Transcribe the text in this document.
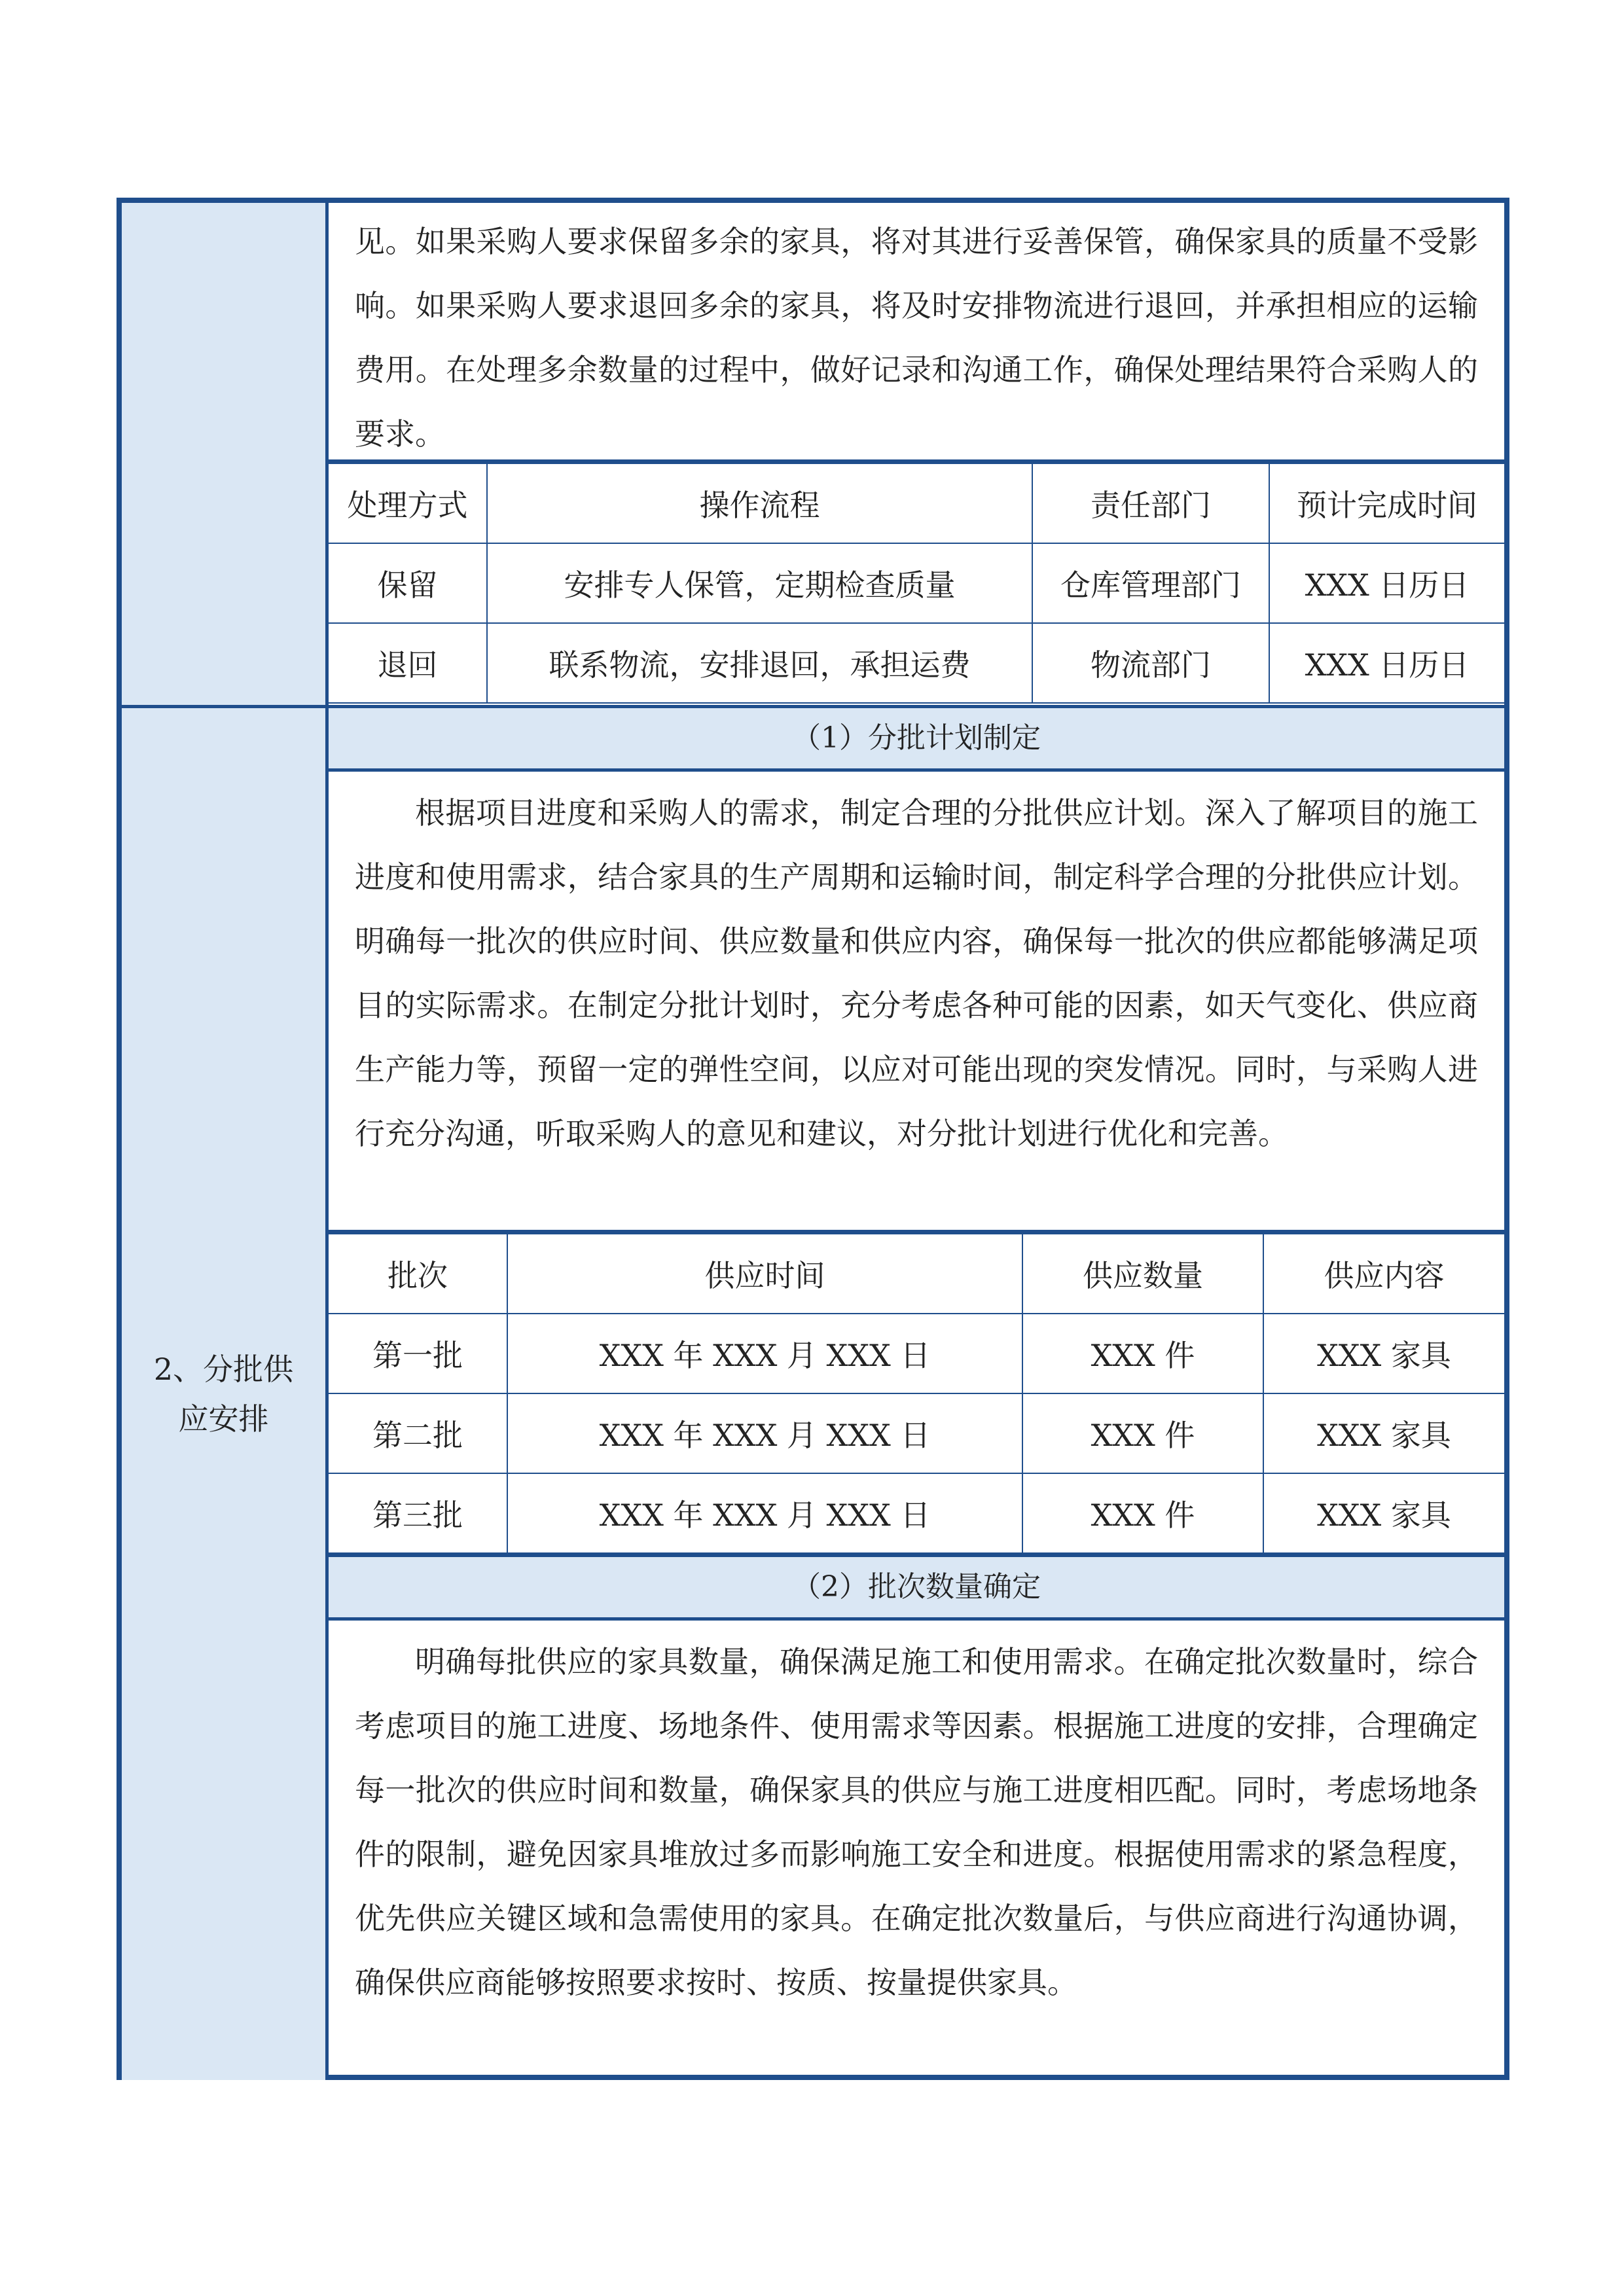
2、分批供应安排
见。如果采购人要求保留多余的家具，将对其进行妥善保管，确保家具的质量不受影响。如果采购人要求退回多余的家具，将及时安排物流进行退回，并承担相应的运输费用。在处理多余数量的过程中，做好记录和沟通工作，确保处理结果符合采购人的要求。
处理方式	操作流程	责任部门	预计完成时间
保留	安排专人保管，定期检查质量	仓库管理部门	XXX 日历日
退回	联系物流，安排退回，承担运费	物流部门	XXX 日历日
（1）分批计划制定
根据项目进度和采购人的需求，制定合理的分批供应计划。深入了解项目的施工进度和使用需求，结合家具的生产周期和运输时间，制定科学合理的分批供应计划。明确每一批次的供应时间、供应数量和供应内容，确保每一批次的供应都能够满足项目的实际需求。在制定分批计划时，充分考虑各种可能的因素，如天气变化、供应商生产能力等，预留一定的弹性空间，以应对可能出现的突发情况。同时，与采购人进行充分沟通，听取采购人的意见和建议，对分批计划进行优化和完善。
批次	供应时间	供应数量	供应内容
第一批	XXX 年 XXX 月 XXX 日	XXX 件	XXX 家具
第二批	XXX 年 XXX 月 XXX 日	XXX 件	XXX 家具
第三批	XXX 年 XXX 月 XXX 日	XXX 件	XXX 家具
（2）批次数量确定
明确每批供应的家具数量，确保满足施工和使用需求。在确定批次数量时，综合考虑项目的施工进度、场地条件、使用需求等因素。根据施工进度的安排，合理确定每一批次的供应时间和数量，确保家具的供应与施工进度相匹配。同时，考虑场地条件的限制，避免因家具堆放过多而影响施工安全和进度。根据使用需求的紧急程度，优先供应关键区域和急需使用的家具。在确定批次数量后，与供应商进行沟通协调，确保供应商能够按照要求按时、按质、按量提供家具。
